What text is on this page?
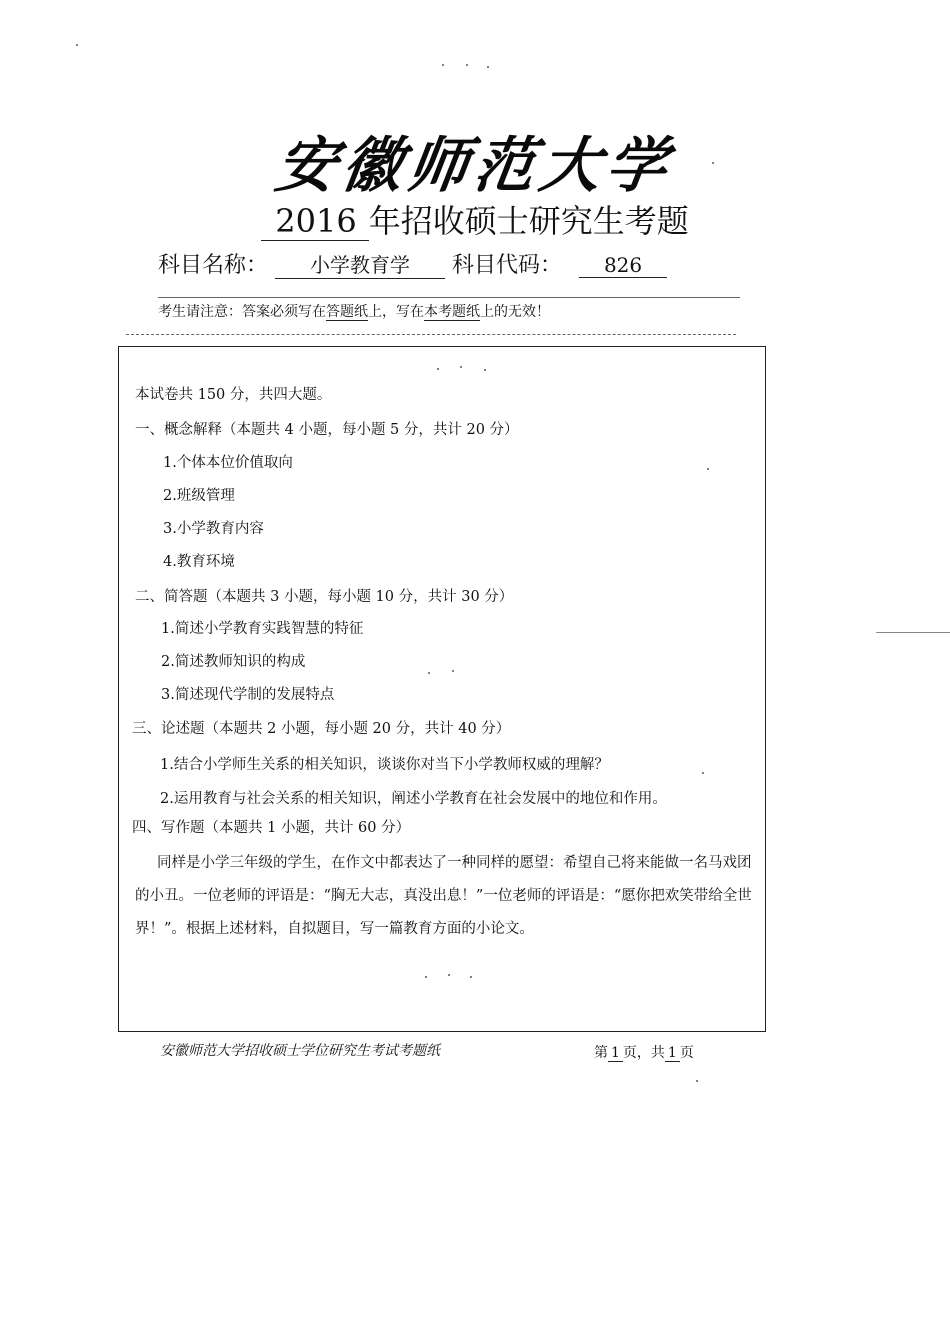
安徽师范大学
2016 年招收硕士研究生考题
科目名称： 小学教育学 科目代码： 826
考生请注意：答案必须写在答题纸上，写在本考题纸上的无效！
本试卷共 150 分，共四大题。
一、概念解释（本题共 4 小题，每小题 5 分，共计 20 分）
1.个体本位价值取向
2.班级管理
3.小学教育内容
4.教育环境
二、简答题（本题共 3 小题，每小题 10 分，共计 30 分）
1.简述小学教育实践智慧的特征
2.简述教师知识的构成
3.简述现代学制的发展特点
三、论述题（本题共 2 小题，每小题 20 分，共计 40 分）
1.结合小学师生关系的相关知识，谈谈你对当下小学教师权威的理解？
2.运用教育与社会关系的相关知识，阐述小学教育在社会发展中的地位和作用。
四、写作题（本题共 1 小题，共计 60 分）
同样是小学三年级的学生，在作文中都表达了一种同样的愿望：希望自己将来能做一名马戏团的小丑。一位老师的评语是：“胸无大志，真没出息！”一位老师的评语是：“愿你把欢笑带给全世界！”。根据上述材料，自拟题目，写一篇教育方面的小论文。
安徽师范大学招收硕士学位研究生考试考题纸	第 1 页，共 1 页
